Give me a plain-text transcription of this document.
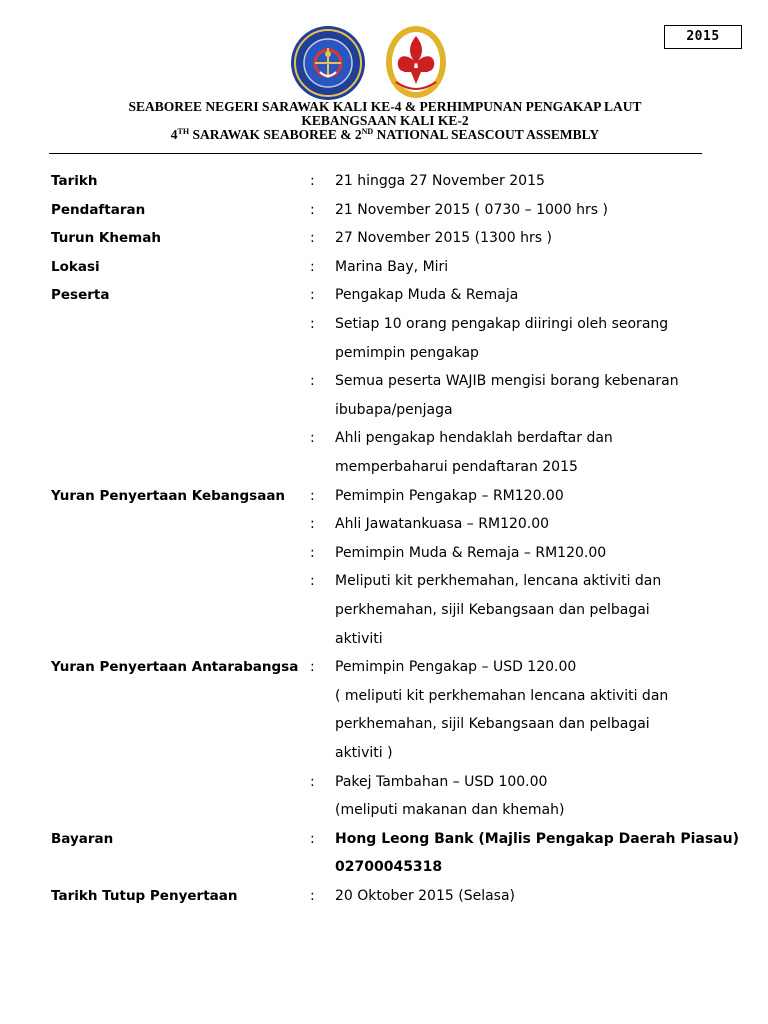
2015
SEABOREE NEGERI SARAWAK KALI KE-4 & PERHIMPUNAN PENGAKAP LAUT
KEBANGSAAN KALI KE-2
4TH SARAWAK SEABOREE & 2ND NATIONAL SEASCOUT ASSEMBLY
Tarikh	: 21 hingga 27 November 2015
Pendaftaran	: 21 November 2015 ( 0730 – 1000 hrs )
Turun Khemah	: 27 November 2015 (1300 hrs )
Lokasi	: Marina Bay, Miri
Peserta	: Pengakap Muda & Remaja
: Setiap 10 orang pengakap diiringi oleh seorang
pemimpin pengakap
: Semua peserta WAJIB mengisi borang kebenaran
ibubapa/penjaga
: Ahli pengakap hendaklah berdaftar dan
memperbaharui pendaftaran 2015
Yuran Penyertaan Kebangsaan : Pemimpin Pengakap – RM120.00
: Ahli Jawatankuasa – RM120.00
: Pemimpin Muda & Remaja – RM120.00
: Meliputi kit perkhemahan, lencana aktiviti dan
perkhemahan, sijil Kebangsaan dan pelbagai
aktiviti
Yuran Penyertaan Antarabangsa : Pemimpin Pengakap – USD 120.00
( meliputi kit perkhemahan lencana aktiviti dan
perkhemahan, sijil Kebangsaan dan pelbagai
aktiviti )
: Pakej Tambahan – USD 100.00
(meliputi makanan dan khemah)
Bayaran	: Hong Leong Bank (Majlis Pengakap Daerah Piasau)
02700045318
Tarikh Tutup Penyertaan	: 20 Oktober 2015 (Selasa)
